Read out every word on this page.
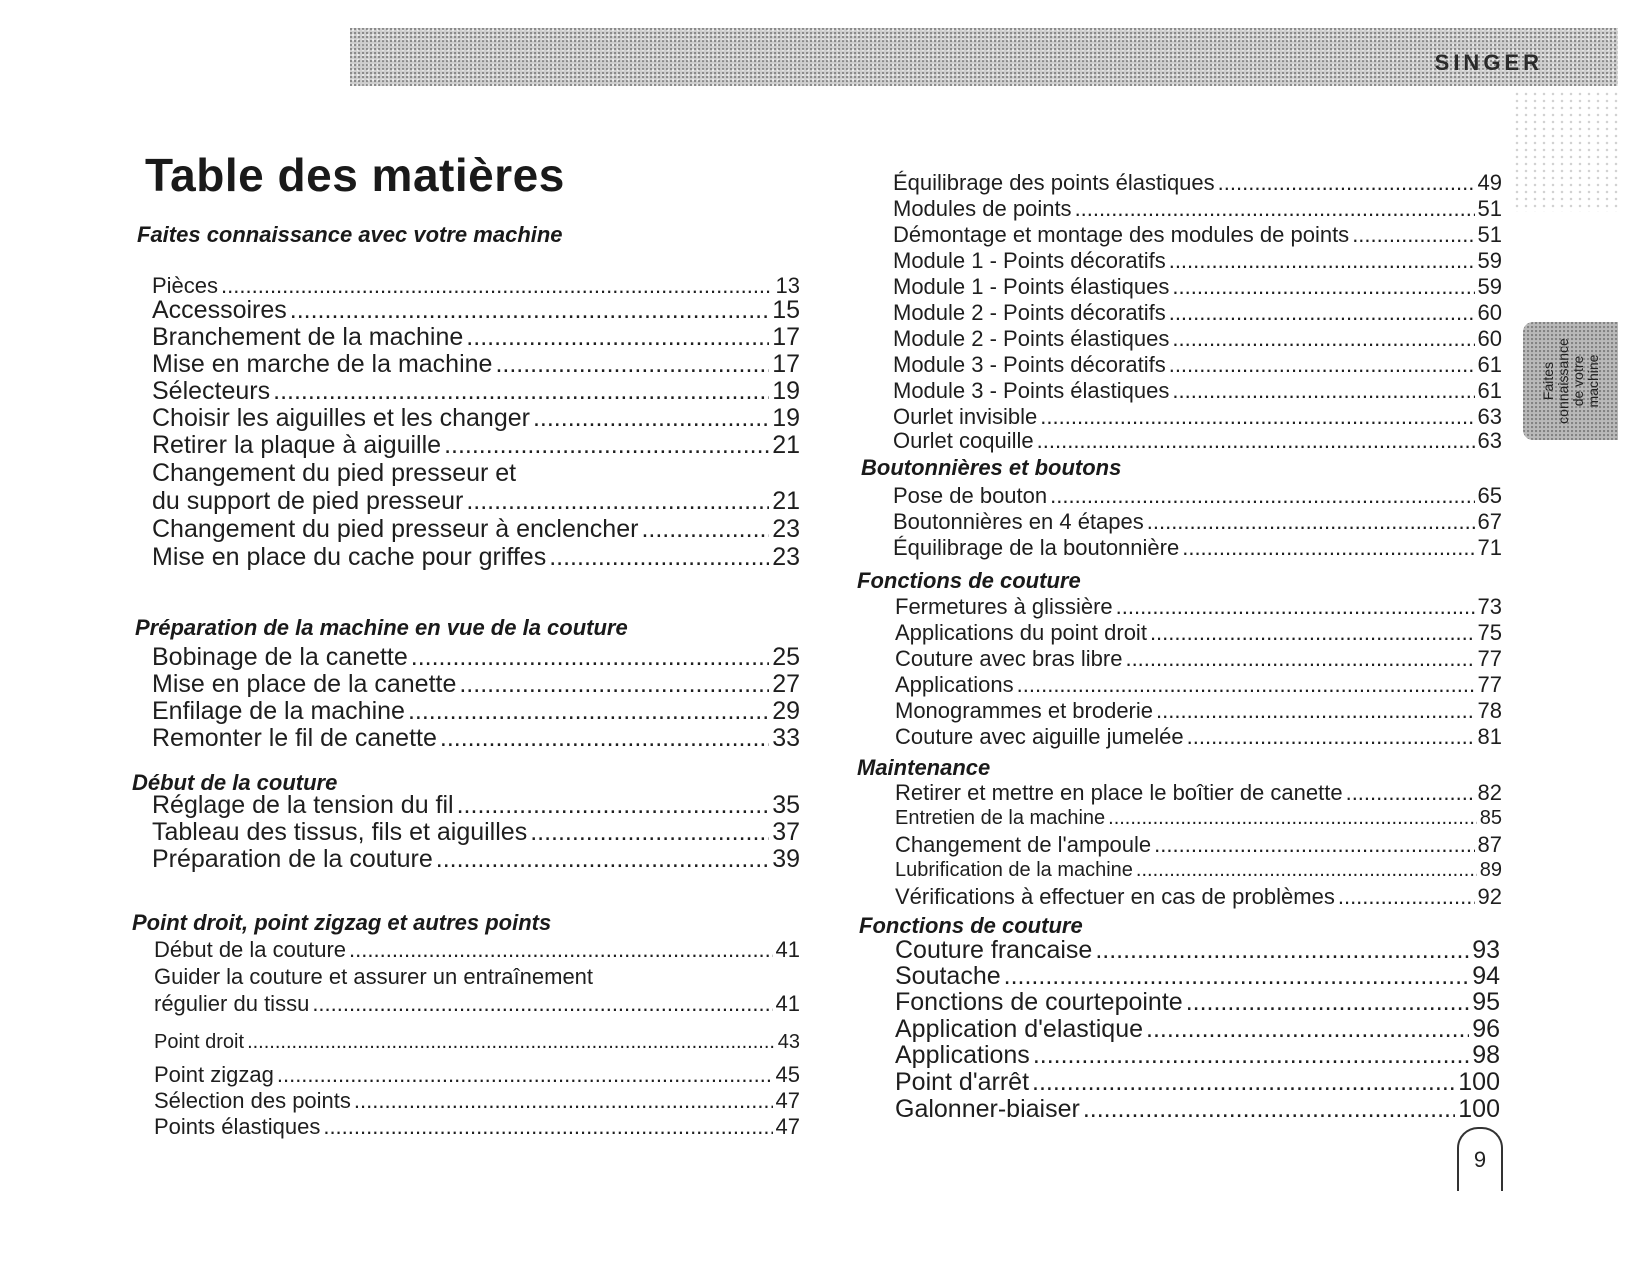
SINGER
Faites connaissance de votre machine
Table des matières
Faites connaissance avec votre machine
Pièces .....	13
Accessoires .....	15
Branchement de la machine .....	17
Mise en marche de la machine .....	17
Sélecteurs .....	19
Choisir les aiguilles et les changer .....	19
Retirer la plaque à aiguille .....	21
Changement du pied presseur et
du support de pied presseur .....	21
Changement du pied presseur à enclencher .....	23
Mise en place du cache pour griffes .....	23
Préparation de la machine en vue de la couture
Bobinage de la canette .....	25
Mise en place de la canette .....	27
Enfilage de la machine .....	29
Remonter le fil de canette .....	33
Début de la couture
Réglage de la tension du fil .....	35
Tableau des tissus, fils et aiguilles .....	37
Préparation de la couture .....	39
Point droit, point zigzag et autres points
Début de la couture .....	41
Guider la couture et assurer un entraînement
régulier du tissu .....	41
Point droit .....	43
Point zigzag .....	45
Sélection des points .....	47
Points élastiques .....	47
Équilibrage des points élastiques .....	49
Modules de points .....	51
Démontage et montage des modules de points .....	51
Module 1 - Points décoratifs .....	59
Module 1 - Points élastiques .....	59
Module 2 - Points décoratifs .....	60
Module 2 - Points élastiques .....	60
Module 3 - Points décoratifs .....	61
Module 3 - Points élastiques .....	61
Ourlet invisible .....	63
Ourlet coquille .....	63
Boutonnières et boutons
Pose de bouton .....	65
Boutonnières en 4 étapes .....	67
Équilibrage de la boutonnière .....	71
Fonctions de couture
Fermetures à glissière .....	73
Applications du point droit .....	75
Couture avec bras libre .....	77
Applications .....	77
Monogrammes et broderie .....	78
Couture avec aiguille jumelée .....	81
Maintenance
Retirer et mettre en place le boîtier de canette .....	82
Entretien de la machine .....	85
Changement de l'ampoule .....	87
Lubrification de la machine .....	89
Vérifications à effectuer en cas de problèmes .....	92
Fonctions de couture
Couture francaise .....	93
Soutache .....	94
Fonctions de courtepointe .....	95
Application d'elastique .....	96
Applications .....	98
Point d'arrêt .....	100
Galonner-biaiser .....	100
9
